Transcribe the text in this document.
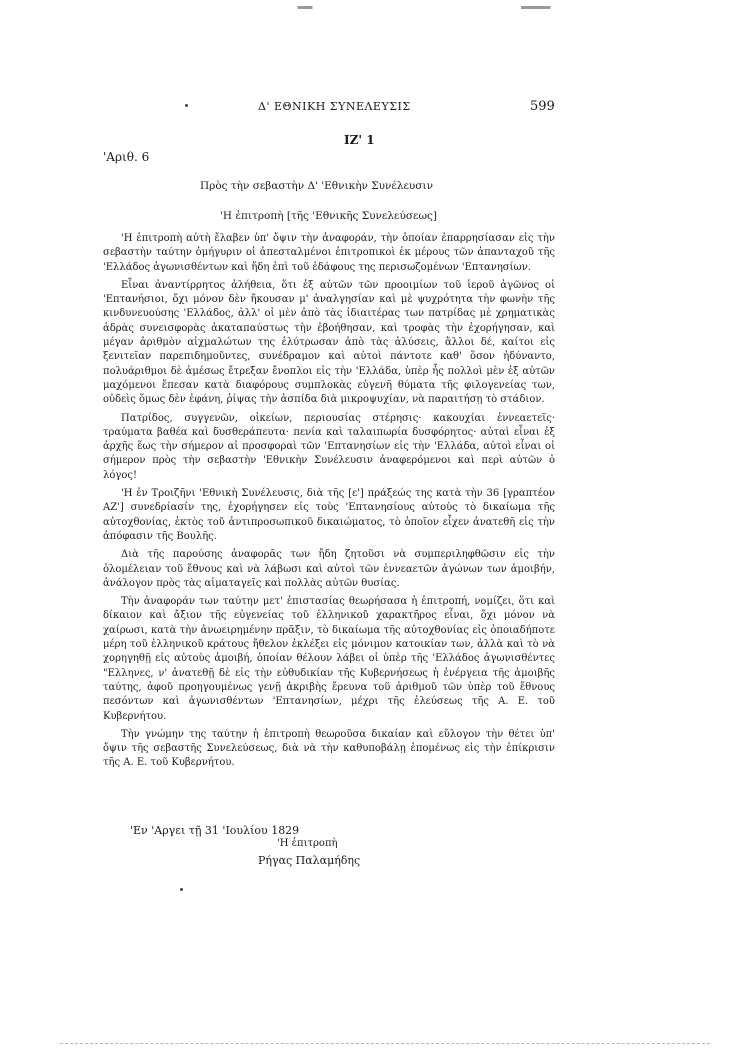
Δ' ΕΘΝΙΚΗ ΣΥΝΕΛΕΥΣΙΣ	599
ΙΖ' 1
'Αριθ. 6
Πρὸς τὴν σεβαστὴν Δ' 'Εθνικὴν Συνέλευσιν
'Η ἐπιτροπὴ [τῆς 'Εθνικῆς Συνελεύσεως]

'Η ἐπιτροπὴ αὐτὴ ἔλαβεν ὑπ' ὄψιν τὴν ἀναφοράν, τὴν ὁποίαν ἐπαρρησίασαν εἰς τὴν σεβαστὴν ταύτην ὁμήγυριν οἱ ἀπεσταλμένοι ἐπιτροπικοὶ ἐκ μέρους τῶν ἁπανταχοῦ τῆς 'Ελλάδος ἀγωνισθέντων καὶ ἤδη ἐπὶ τοῦ ἐδάφους της περισωζομένων 'Επτανησίων.

Εἶναι ἀναντίρρητος ἀλήθεια, ὅτι ἐξ αὐτῶν τῶν προοιμίων τοῦ ἱεροῦ ἀγῶνος οἱ 'Επτανήσιοι, ὄχι μόνον δὲν ἤκουσαν μ' ἀναλγησίαν καὶ μὲ ψυχρότητα τὴν φωνὴν τῆς κινδυνευούσης 'Ελλάδος, ἀλλ' οἱ μὲν ἀπὸ τὰς ἰδιαιτέρας των πατρίδας μὲ χρηματικὰς ἁδρὰς συνεισφορὰς ἀκαταπαύστως τὴν ἐβοήθησαν, καὶ τροφὰς τὴν ἐχορήγησαν, καὶ μέγαν ἀριθμὸν αἰχμαλώτων της ἐλύτρωσαν ἀπὸ τὰς ἁλύσεις, ἄλλοι δέ, καίτοι εἰς ξενιτεῖαν παρεπιδημοῦντες, συνέδραμον καὶ αὐτοὶ πάντοτε καθ' ὅσον ἠδύναντο, πολυάριθμοι δὲ ἀμέσως ἔτρεξαν ἔνοπλοι εἰς τὴν 'Ελλάδα, ὑπὲρ ἧς πολλοὶ μὲν ἐξ αὐτῶν μαχόμενοι ἔπεσαν κατὰ διαφόρους συμπλοκὰς εὐγενῆ θύματα τῆς φιλογενείας των, οὐδεὶς ὅμως δὲν ἐφάνη, ῥίψας τὴν ἀσπίδα διὰ μικροψυχίαν, νὰ παραιτήσῃ τὸ στάδιον.

Πατρίδος, συγγενῶν, οἰκείων, περιουσίας στέρησις· κακουχίαι ἐννεαετεῖς· τραύματα βαθέα καὶ δυσθεράπευτα· πενία καὶ ταλαιπωρία δυσφόρητος· αὐταὶ εἶναι ἐξ ἀρχῆς ἕως τὴν σήμερον αἱ προσφοραὶ τῶν 'Επτανησίων εἰς τὴν 'Ελλάδα, αὐτοὶ εἶναι οἱ σήμερον πρὸς τὴν σεβαστὴν 'Εθνικὴν Συνέλευσιν ἀναφερόμενοι καὶ περὶ αὐτῶν ὁ λόγος!

'Η ἐν Τροιζῆνι 'Εθνικὴ Συνέλευσις, διὰ τῆς [ε'] πράξεώς της κατὰ τὴν 36 [γραπτέον ΑΖ'] συνεδρίασίν της, ἐχορήγησεν εἰς τοὺς 'Επτανησίους αὐτοὺς τὸ δικαίωμα τῆς αὐτοχθονίας, ἐκτὸς τοῦ ἀντιπροσωπικοῦ δικαιώματος, τὸ ὁποῖον εἶχεν ἀνατεθῆ εἰς τὴν ἀπόφασιν τῆς Βουλῆς.

Διὰ τῆς παρούσης ἀναφορᾶς των ἤδη ζητοῦσι νὰ συμπεριληφθῶσιν εἰς τὴν ὁλομέλειαν τοῦ ἔθνους καὶ νὰ λάβωσι καὶ αὐτοὶ τῶν ἐννεαετῶν ἀγώνων των ἀμοιβήν, ἀνάλογον πρὸς τὰς αἱματαγεῖς καὶ πολλὰς αὐτῶν θυσίας.

Τὴν ἀναφοράν των ταύτην μετ' ἐπιστασίας θεωρήσασα ἡ ἐπιτροπή, νομίζει, ὅτι καὶ δίκαιον καὶ ἄξιον τῆς εὐγενείας τοῦ ἑλληνικοῦ χαρακτῆρος εἶναι, ὄχι μόνον νὰ χαίρωσι, κατὰ τὴν ἀνωειρημένην πρᾶξιν, τὸ δικαίωμα τῆς αὐτοχθονίας εἰς ὁποιαδήποτε μέρη τοῦ ἑλληνικοῦ κράτους ἤθελον ἐκλέξει εἰς μόνιμον κατοικίαν των, ἀλλὰ καὶ τὸ νὰ χορηγηθῇ εἰς αὐτοὺς ἀμοιβή, ὁποίαν θέλουν λάβει οἱ ὑπὲρ τῆς 'Ελλάδος ἀγωνισθέντες "Ελληνες, ν' ἀνατεθῇ δὲ εἰς τὴν εὐθυδικίαν τῆς Κυβερνήσεως ἡ ἐνέργεια τῆς ἀμοιβῆς ταύτης, ἀφοῦ προηγουμένως γενῇ ἀκριβὴς ἔρευνα τοῦ ἀριθμοῦ τῶν ὑπὲρ τοῦ ἔθνους πεσόντων καὶ ἀγωνισθέντων 'Επτανησίων, μέχρι τῆς ἐλεύσεως τῆς Α. Ε. τοῦ Κυβερνήτου.

Τὴν γνώμην της ταύτην ἡ ἐπιτροπὴ θεωροῦσα δικαίαν καὶ εὔλογον τὴν θέτει ὑπ' ὄψιν τῆς σεβαστῆς Συνελεύσεως, διὰ νὰ τὴν καθυποβάλῃ ἑπομένως εἰς τὴν ἐπίκρισιν τῆς Α. Ε. τοῦ Κυβερνήτου.

'Εν 'Αργει τῇ 31 'Ιουλίου 1829
'Η ἐπιτροπὴ
Ρήγας Παλαμήδης
